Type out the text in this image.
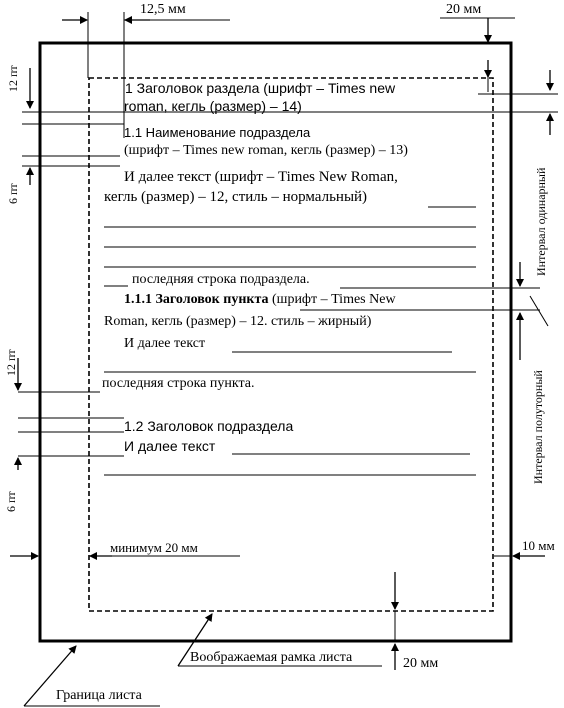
12,5 мм	20 мм
минимум 20 мм	10 мм
20 мм
12 пт
6 пт
12 пт
6 пт
Интервал одинарный
Интервал полуторный
Воображаемая рамка листа
Граница листа
1 Заголовок раздела (шрифт – Times new
roman, кегль (размер) – 14)
1.1 Наименование подраздела
(шрифт – Times new roman, кегль (размер) – 13)
И далее текст (шрифт – Times New Roman,
кегль (размер) – 12, стиль – нормальный)
последняя строка подраздела.
1.1.1 Заголовок пункта (шрифт – Times New
Roman, кегль (размер) – 12. стиль – жирный)
И далее текст
последняя строка пункта.
1.2 Заголовок подраздела
И далее текст
